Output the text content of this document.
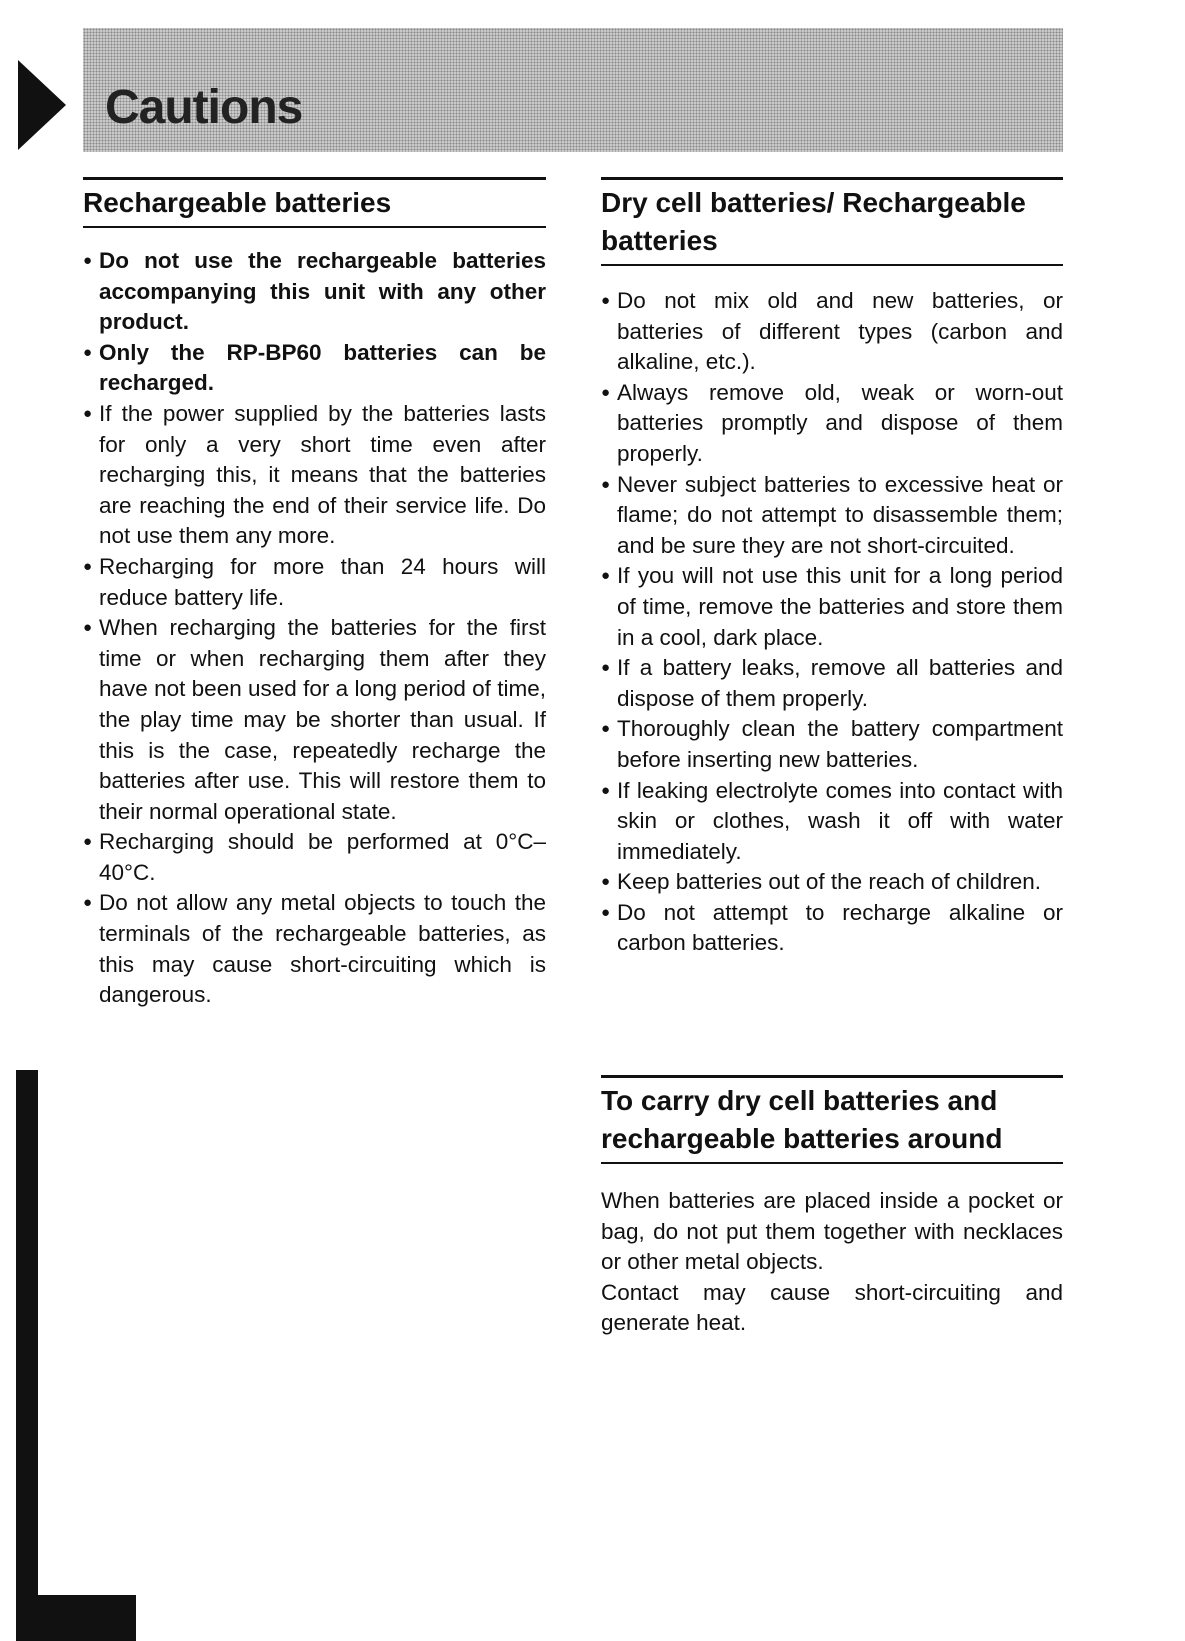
Cautions
Rechargeable batteries
● Do not use the rechargeable batteries accompanying this unit with any other product.
● Only the RP-BP60 batteries can be recharged.
● If the power supplied by the batteries lasts for only a very short time even after recharging this, it means that the batteries are reaching the end of their service life. Do not use them any more.
● Recharging for more than 24 hours will reduce battery life.
● When recharging the batteries for the first time or when recharging them after they have not been used for a long period of time, the play time may be shorter than usual. If this is the case, repeatedly recharge the batteries after use. This will restore them to their normal operational state.
● Recharging should be performed at 0°C–40°C.
● Do not allow any metal objects to touch the terminals of the rechargeable batteries, as this may cause short-circuiting which is dangerous.
Dry cell batteries/ Rechargeable batteries
● Do not mix old and new batteries, or batteries of different types (carbon and alkaline, etc.).
● Always remove old, weak or worn-out batteries promptly and dispose of them properly.
● Never subject batteries to excessive heat or flame; do not attempt to disassemble them; and be sure they are not short-circuited.
● If you will not use this unit for a long period of time, remove the batteries and store them in a cool, dark place.
● If a battery leaks, remove all batteries and dispose of them properly.
● Thoroughly clean the battery compartment before inserting new batteries.
● If leaking electrolyte comes into contact with skin or clothes, wash it off with water immediately.
● Keep batteries out of the reach of children.
● Do not attempt to recharge alkaline or carbon batteries.
To carry dry cell batteries and rechargeable batteries around

When batteries are placed inside a pocket or bag, do not put them together with necklaces or other metal objects.

Contact may cause short-circuiting and generate heat.
